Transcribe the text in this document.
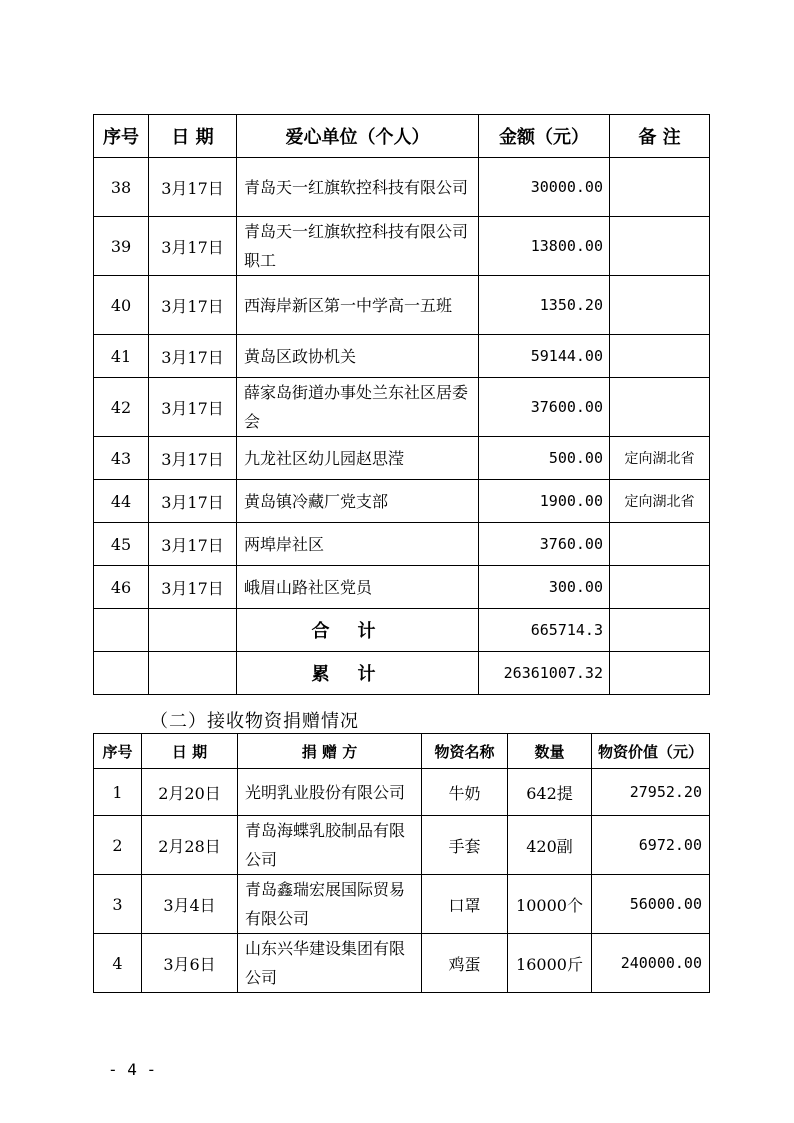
序号	日 期	爱心单位（个人）	金额（元）	备 注
38	3月17日	青岛天一红旗软控科技有限公司	30000.00	
39	3月17日	青岛天一红旗软控科技有限公司职工	13800.00	
40	3月17日	西海岸新区第一中学高一五班	1350.20	
41	3月17日	黄岛区政协机关	59144.00	
42	3月17日	薛家岛街道办事处兰东社区居委会	37600.00	
43	3月17日	九龙社区幼儿园赵思滢	500.00	定向湖北省
44	3月17日	黄岛镇冷藏厂党支部	1900.00	定向湖北省
45	3月17日	两埠岸社区	3760.00	
46	3月17日	峨眉山路社区党员	300.00	
		合计	665714.3	
		累计	26361007.32	
（二）接收物资捐赠情况
序号	日 期	捐 赠 方	物资名称	数量	物资价值（元）
1	2月20日	光明乳业股份有限公司	牛奶	642提	27952.20
2	2月28日	青岛海蝶乳胶制品有限公司	手套	420副	6972.00
3	3月4日	青岛鑫瑞宏展国际贸易有限公司	口罩	10000个	56000.00
4	3月6日	山东兴华建设集团有限公司	鸡蛋	16000斤	240000.00
- 4 -
